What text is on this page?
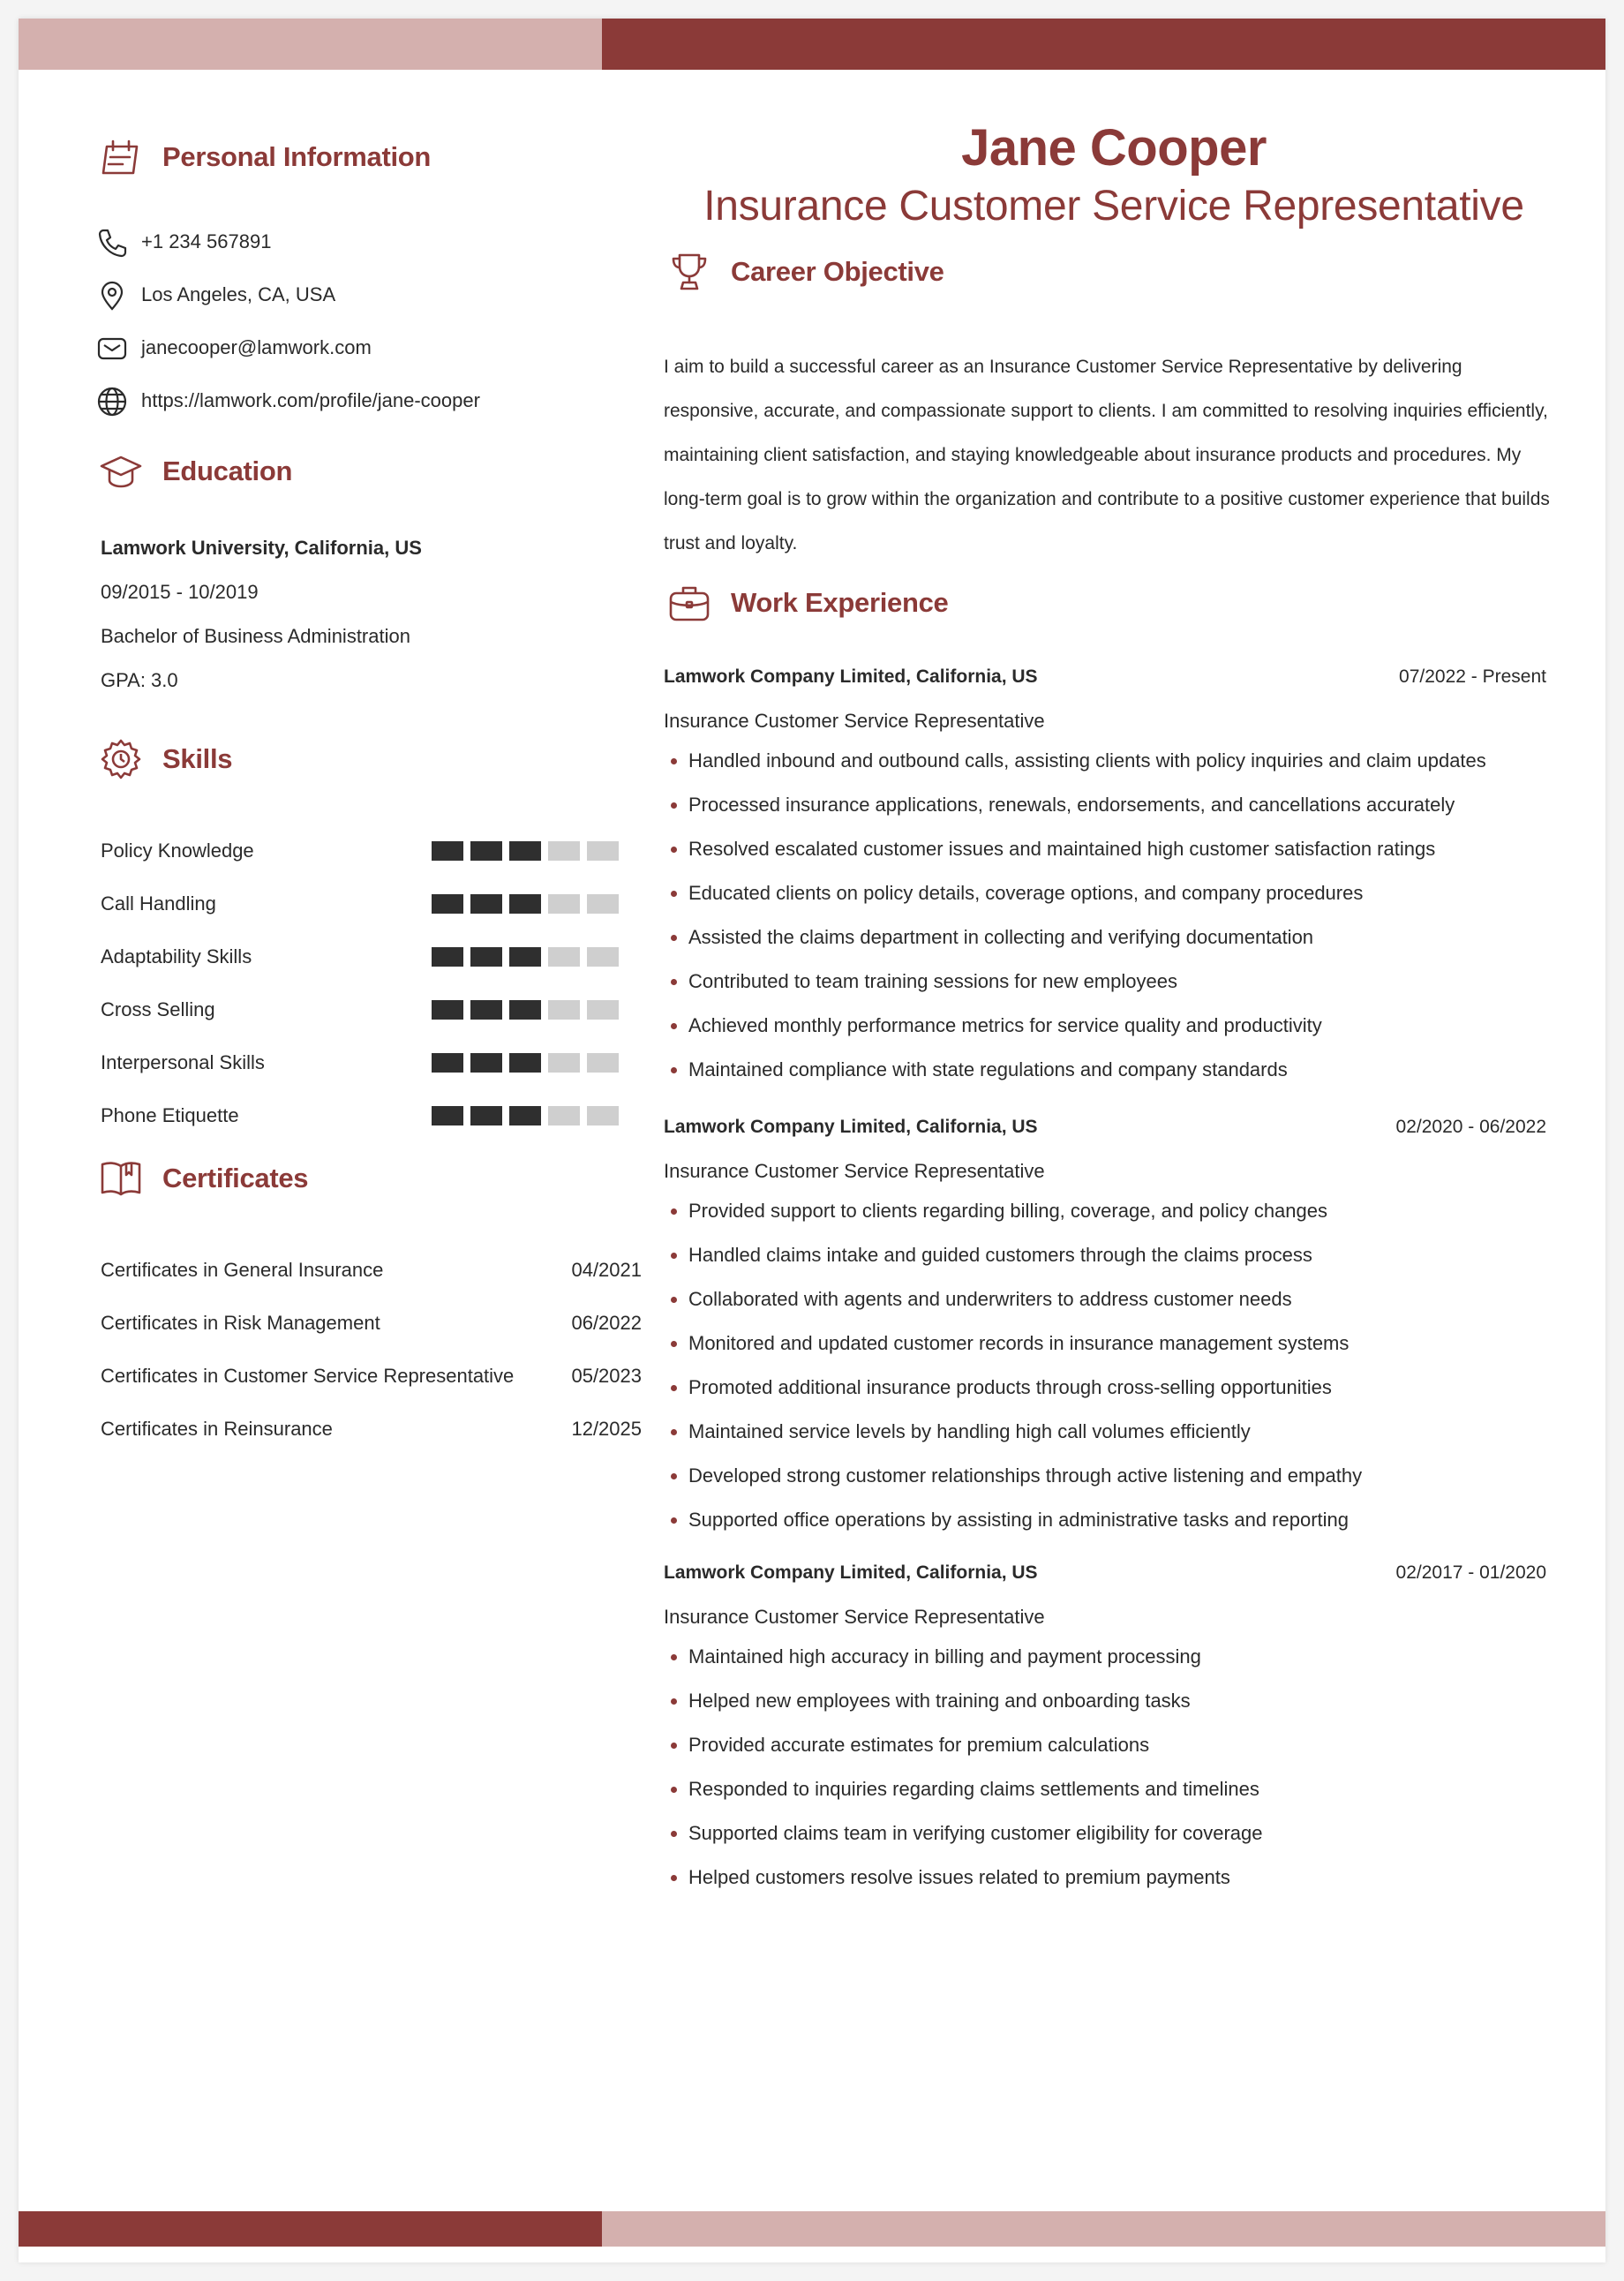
Personal Information
+1 234 567891
Los Angeles, CA, USA
janecooper@lamwork.com
https://lamwork.com/profile/jane-cooper
Education
Lamwork University, California, US
09/2015 - 10/2019
Bachelor of Business Administration
GPA: 3.0
Skills
Policy Knowledge
Call Handling
Adaptability Skills
Cross Selling
Interpersonal Skills
Phone Etiquette
Certificates
Certificates in General Insurance	04/2021
Certificates in Risk Management	06/2022
Certificates in Customer Service Representative	05/2023
Certificates in Reinsurance	12/2025
Jane Cooper
Insurance Customer Service Representative
Career Objective
I aim to build a successful career as an Insurance Customer Service Representative by delivering responsive, accurate, and compassionate support to clients. I am committed to resolving inquiries efficiently, maintaining client satisfaction, and staying knowledgeable about insurance products and procedures. My long-term goal is to grow within the organization and contribute to a positive customer experience that builds trust and loyalty.
Work Experience
Lamwork Company Limited, California, US	07/2022 - Present
Insurance Customer Service Representative
Handled inbound and outbound calls, assisting clients with policy inquiries and claim updates
Processed insurance applications, renewals, endorsements, and cancellations accurately
Resolved escalated customer issues and maintained high customer satisfaction ratings
Educated clients on policy details, coverage options, and company procedures
Assisted the claims department in collecting and verifying documentation
Contributed to team training sessions for new employees
Achieved monthly performance metrics for service quality and productivity
Maintained compliance with state regulations and company standards
Lamwork Company Limited, California, US	02/2020 - 06/2022
Insurance Customer Service Representative
Provided support to clients regarding billing, coverage, and policy changes
Handled claims intake and guided customers through the claims process
Collaborated with agents and underwriters to address customer needs
Monitored and updated customer records in insurance management systems
Promoted additional insurance products through cross-selling opportunities
Maintained service levels by handling high call volumes efficiently
Developed strong customer relationships through active listening and empathy
Supported office operations by assisting in administrative tasks and reporting
Lamwork Company Limited, California, US	02/2017 - 01/2020
Insurance Customer Service Representative
Maintained high accuracy in billing and payment processing
Helped new employees with training and onboarding tasks
Provided accurate estimates for premium calculations
Responded to inquiries regarding claims settlements and timelines
Supported claims team in verifying customer eligibility for coverage
Helped customers resolve issues related to premium payments
